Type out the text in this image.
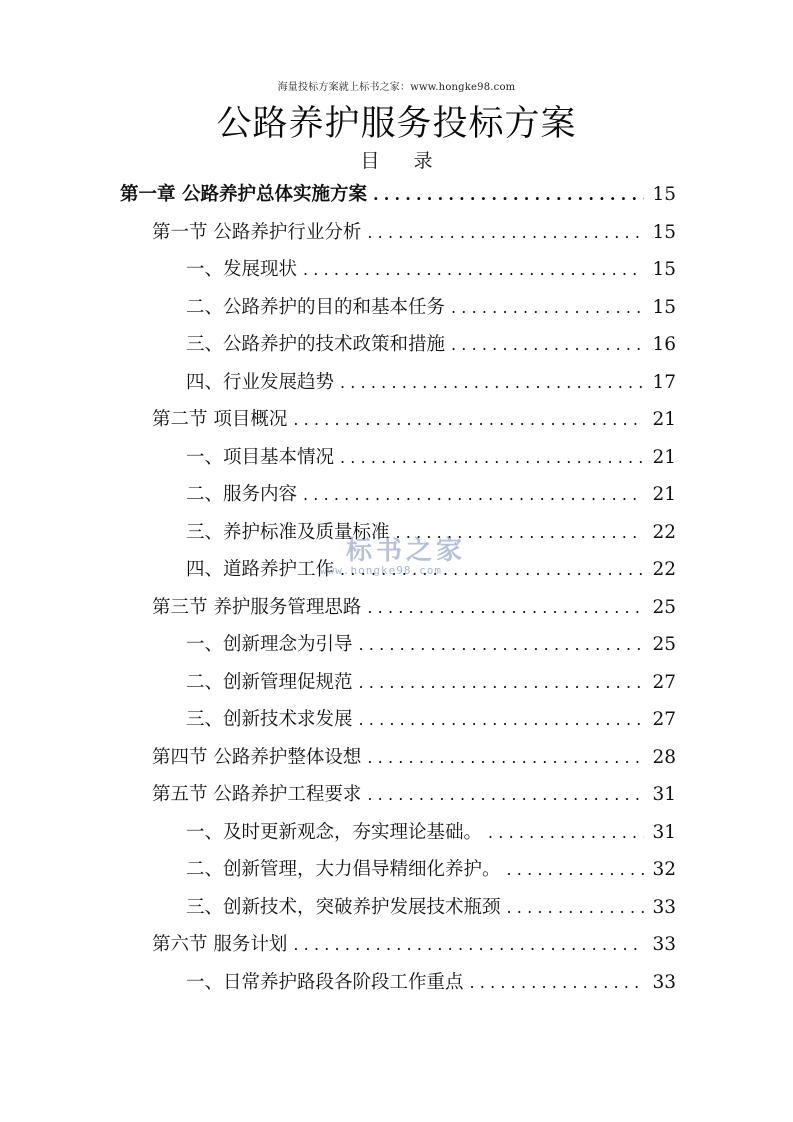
海量投标方案就上标书之家：www.hongke98.com
公路养护服务投标方案
目 录
第一章 公路养护总体实施方案 .....	15
第一节 公路养护行业分析 .....	15
一、发展现状 .....	15
二、公路养护的目的和基本任务 .....	15
三、公路养护的技术政策和措施 .....	16
四、行业发展趋势 .....	17
第二节 项目概况 .....	21
一、项目基本情况 .....	21
二、服务内容 .....	21
三、养护标准及质量标准 .....	22
四、道路养护工作 .....	22
第三节 养护服务管理思路 .....	25
一、创新理念为引导 .....	25
二、创新管理促规范 .....	27
三、创新技术求发展 .....	27
第四节 公路养护整体设想 .....	28
第五节 公路养护工程要求 .....	31
一、及时更新观念，夯实理论基础。 .....	31
二、创新管理，大力倡导精细化养护。 .....	32
三、创新技术，突破养护发展技术瓶颈 .....	33
第六节 服务计划 .....	33
一、日常养护路段各阶段工作重点 .....	33
标书之家
www.hongke98.com
